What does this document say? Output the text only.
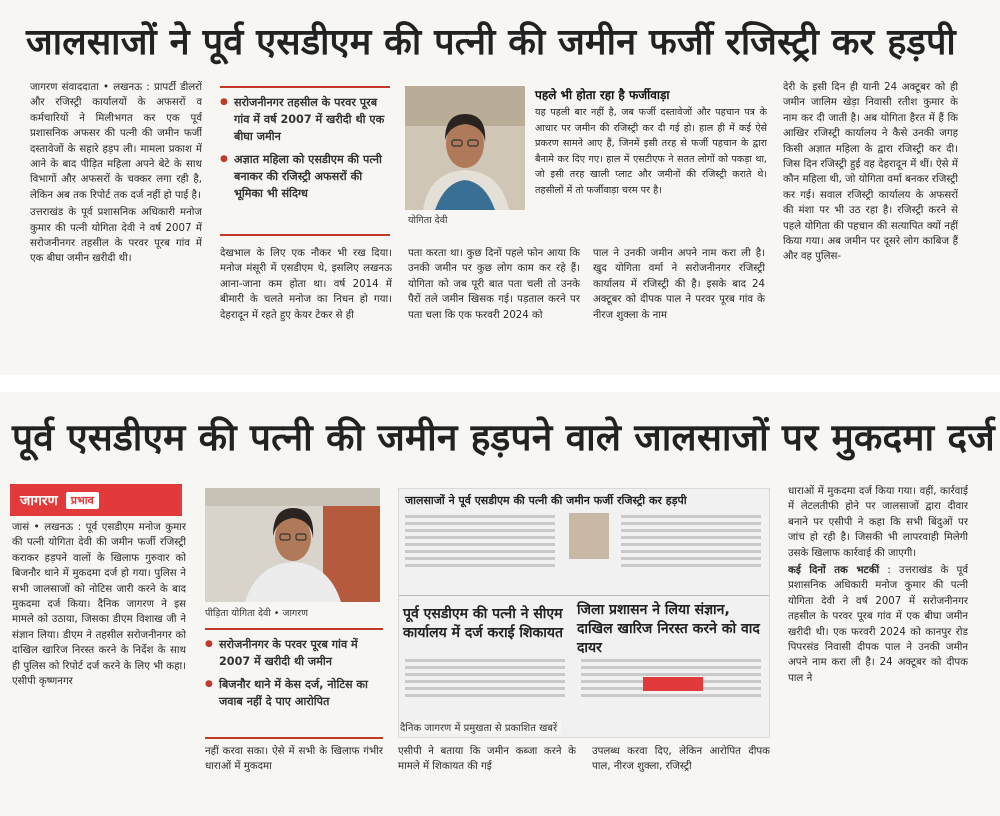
जालसाजों ने पूर्व एसडीएम की पत्नी की जमीन फर्जी रजिस्ट्री कर हड़पी

जागरण संवाददाता • लखनऊ : प्रापर्टी डीलरों और रजिस्ट्री कार्यालयों के अफसरों व कर्मचारियों ने मिलीभगत कर एक पूर्व प्रशासनिक अफसर की पत्नी की जमीन फर्जी दस्तावेजों के सहारे हड़प ली। मामला प्रकाश में आने के बाद पीड़ित महिला अपने बेटे के साथ विभागों और अफसरों के चक्कर लगा रही है, लेकिन अब तक रिपोर्ट तक दर्ज नहीं हो पाई है।

उत्तराखंड के पूर्व प्रशासनिक अधिकारी मनोज कुमार की पत्नी योगिता देवी ने वर्ष 2007 में सरोजनीनगर तहसील के परवर पूरब गांव में एक बीघा जमीन खरीदी थी।

● सरोजनीनगर तहसील के परवर पूरब गांव में वर्ष 2007 में खरीदी थी एक बीघा जमीन
● अज्ञात महिला को एसडीएम की पत्नी बनाकर की रजिस्ट्री अफसरों की भूमिका भी संदिग्ध
देखभाल के लिए एक नौकर भी रख दिया। मनोज मंसूरी में एसडीएम थे, इसलिए लखनऊ आना-जाना कम होता था। वर्ष 2014 में बीमारी के चलते मनोज का निधन हो गया। देहरादून में रहते हुए केयर टेकर से ही
योगिता देवी
पहले भी होता रहा है फर्जीवाड़ा
यह पहली बार नहीं है, जब फर्जी दस्तावेजों और पहचान पत्र के आधार पर जमीन की रजिस्ट्री कर दी गई हो। हाल ही में कई ऐसे प्रकरण सामने आए हैं, जिनमें इसी तरह से फर्जी पहचान के द्वारा बैनामे कर दिए गए। हाल में एसटीएफ ने सतत लोगों को पकड़ा था, जो इसी तरह खाली प्लाट और जमीनों की रजिस्ट्री कराते थे। तहसीलों में तो फर्जीवाड़ा चरम पर है।
पता करता था। कुछ दिनों पहले फोन आया कि उनकी जमीन पर कुछ लोग काम कर रहे हैं। योगिता को जब पूरी बात पता चली तो उनके पैरों तले जमीन खिसक गई। पड़ताल करने पर पता चला कि एक फरवरी 2024 को
पाल ने उनकी जमीन अपने नाम करा ली है। खुद योगिता वर्मा ने सरोजनीनगर रजिस्ट्री कार्यालय में रजिस्ट्री की है। इसके बाद 24 अक्टूबर को दीपक पाल ने परवर पूरब गांव के नीरज शुक्ला के नाम
देरी के इसी दिन ही यानी 24 अक्टूबर को ही जमीन जालिम खेड़ा निवासी रतीश कुमार के नाम कर दी जाती है। अब योगिता हैरत में हैं कि आखिर रजिस्ट्री कार्यालय ने कैसे उनकी जगह किसी अज्ञात महिला के द्वारा रजिस्ट्री कर दी। जिस दिन रजिस्ट्री हुई वह देहरादून में थीं। ऐसे में कौन महिला थी, जो योगिता वर्मा बनकर रजिस्ट्री कर गई। सवाल रजिस्ट्री कार्यालय के अफसरों की मंशा पर भी उठ रहा है। रजिस्ट्री करने से पहले योगिता की पहचान की सत्यापित क्यों नहीं किया गया। अब जमीन पर दूसरे लोग काबिज हैं और वह पुलिस-
पूर्व एसडीएम की पत्नी की जमीन हड़पने वाले जालसाजों पर मुकदमा दर्ज
जागरण	प्रभाव
जासं • लखनऊ : पूर्व एसडीएम मनोज कुमार की पत्नी योगिता देवी की जमीन फर्जी रजिस्ट्री कराकर हड़पने वालों के खिलाफ गुरुवार को बिजनौर थाने में मुकदमा दर्ज हो गया। पुलिस ने सभी जालसाजों को नोटिस जारी करने के बाद मुकदमा दर्ज किया। दैनिक जागरण ने इस मामले को उठाया, जिसका डीएम विशाख जी ने संज्ञान लिया। डीएम ने तहसील सरोजनीनगर को दाखिल खारिज निरस्त करने के निर्देश के साथ ही पुलिस को रिपोर्ट दर्ज करने के लिए भी कहा। एसीपी कृष्णनगर
पीड़िता योगिता देवी • जागरण
● सरोजनीनगर के परवर पूरब गांव में 2007 में खरीदी थी जमीन
● बिजनौर थाने में केस दर्ज, नोटिस का जवाब नहीं दे पाए आरोपित
नहीं करवा सका। ऐसे में सभी के खिलाफ गंभीर धाराओं में मुकदमा
जालसाजों ने पूर्व एसडीएम की पत्नी की जमीन फर्जी रजिस्ट्री कर हड़पी
पूर्व एसडीएम की पत्नी ने सीएम कार्यालय में दर्ज कराई शिकायत
जिला प्रशासन ने लिया संज्ञान, दाखिल खारिज निरस्त करने को वाद दायर
दैनिक जागरण में प्रमुखता से प्रकाशित खबरें
एसीपी ने बताया कि जमीन कब्जा करने के मामले में शिकायत की गई
उपलब्ध करवा दिए, लेकिन आरोपित दीपक पाल, नीरज शुक्ला, रजिस्ट्री

धाराओं में मुकदमा दर्ज किया गया। वहीं, कार्रवाई में लेटलतीफी होने पर जालसाजों द्वारा दीवार बनाने पर एसीपी ने कहा कि सभी बिंदुओं पर जांच हो रही है। जिसकी भी लापरवाही मिलेगी उसके खिलाफ कार्रवाई की जाएगी।

कई दिनों तक भटकीं : उत्तराखंड के पूर्व प्रशासनिक अधिकारी मनोज कुमार की पत्नी योगिता देवी ने वर्ष 2007 में सरोजनीनगर तहसील के परवर पूरब गांव में एक बीघा जमीन खरीदी थी। एक फरवरी 2024 को कानपुर रोड पिपरसंड निवासी दीपक पाल ने उनकी जमीन अपने नाम करा ली है। 24 अक्टूबर को दीपक पाल ने
